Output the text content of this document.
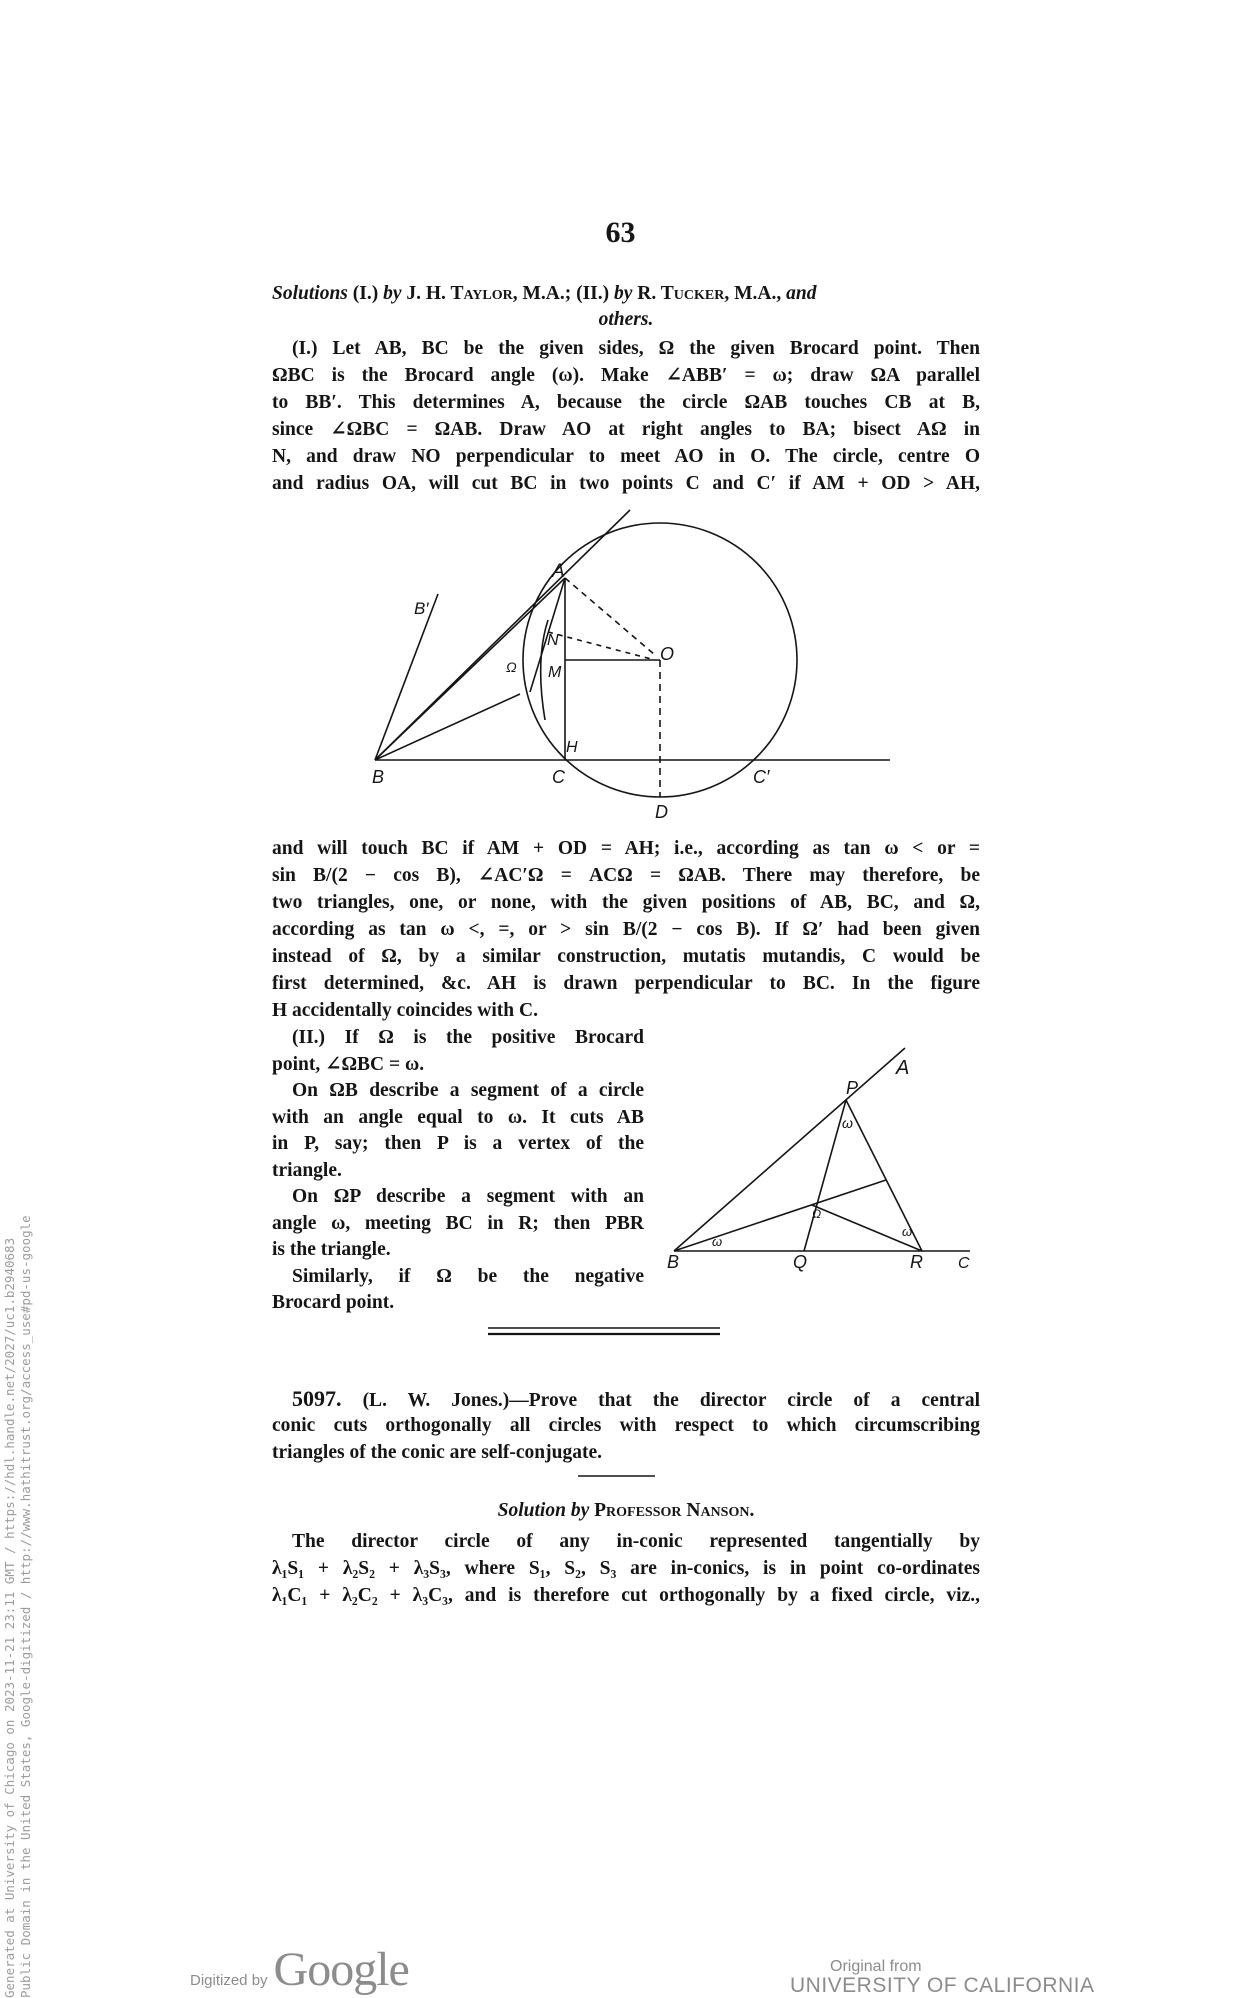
63
Solutions (I.) by J. H. Taylor, M.A.; (II.) by R. Tucker, M.A., and
others.
(I.) Let AB, BC be the given sides, Ω the given Brocard point. Then
ΩBC is the Brocard angle (ω). Make ∠ABB′ = ω; draw ΩA parallel
to BB′. This determines A, because the circle ΩAB touches CB at B,
since ∠ΩBC = ΩAB. Draw AO at right angles to BA; bisect AΩ in
N, and draw NO perpendicular to meet AO in O. The circle, centre O
and radius OA, will cut BC in two points C and C′ if AM + OD > AH,
A
B′
N
Ω M
O
H
B	C	C′
D
P
A
ω
Ω
ω
ω
B	Q	R C
and will touch BC if AM + OD = AH; i.e., according as tan ω < or =
sin B/(2 − cos B), ∠AC′Ω = ACΩ = ΩAB. There may therefore, be
two triangles, one, or none, with the given positions of AB, BC, and Ω,
according as tan ω <, =, or > sin B/(2 − cos B). If Ω′ had been given
instead of Ω, by a similar construction, mutatis mutandis, C would be
first determined, &c. AH is drawn perpendicular to BC. In the figure
H accidentally coincides with C.
(II.) If Ω is the positive Brocard
point, ∠ΩBC = ω.
On ΩB describe a segment of a circle
with an angle equal to ω. It cuts AB
in P, say; then P is a vertex of the
triangle.
On ΩP describe a segment with an
angle ω, meeting BC in R; then PBR
is the triangle.
Similarly, if Ω be the negative
Brocard point.
5097. (L. W. Jones.)—Prove that the director circle of a central
conic cuts orthogonally all circles with respect to which circumscribing
triangles of the conic are self-conjugate.
Solution by Professor Nanson.
The director circle of any in-conic represented tangentially by
λ₁S₁ + λ₂S₂ + λ₃S₃, where S₁, S₂, S₃ are in-conics, is in point co-ordinates
λ₁C₁ + λ₂C₂ + λ₃C₃, and is therefore cut orthogonally by a fixed circle, viz.,
Generated at University of Chicago on 2023-11-21 23:11 GMT / https://hdl.handle.net/2027/uc1.b2940683 Public Domain in the United States, Google-digitized / http://www.hathitrust.org/access_use#pd-us-google	Digitized by Google	Original from
UNIVERSITY OF CALIFORNIA
